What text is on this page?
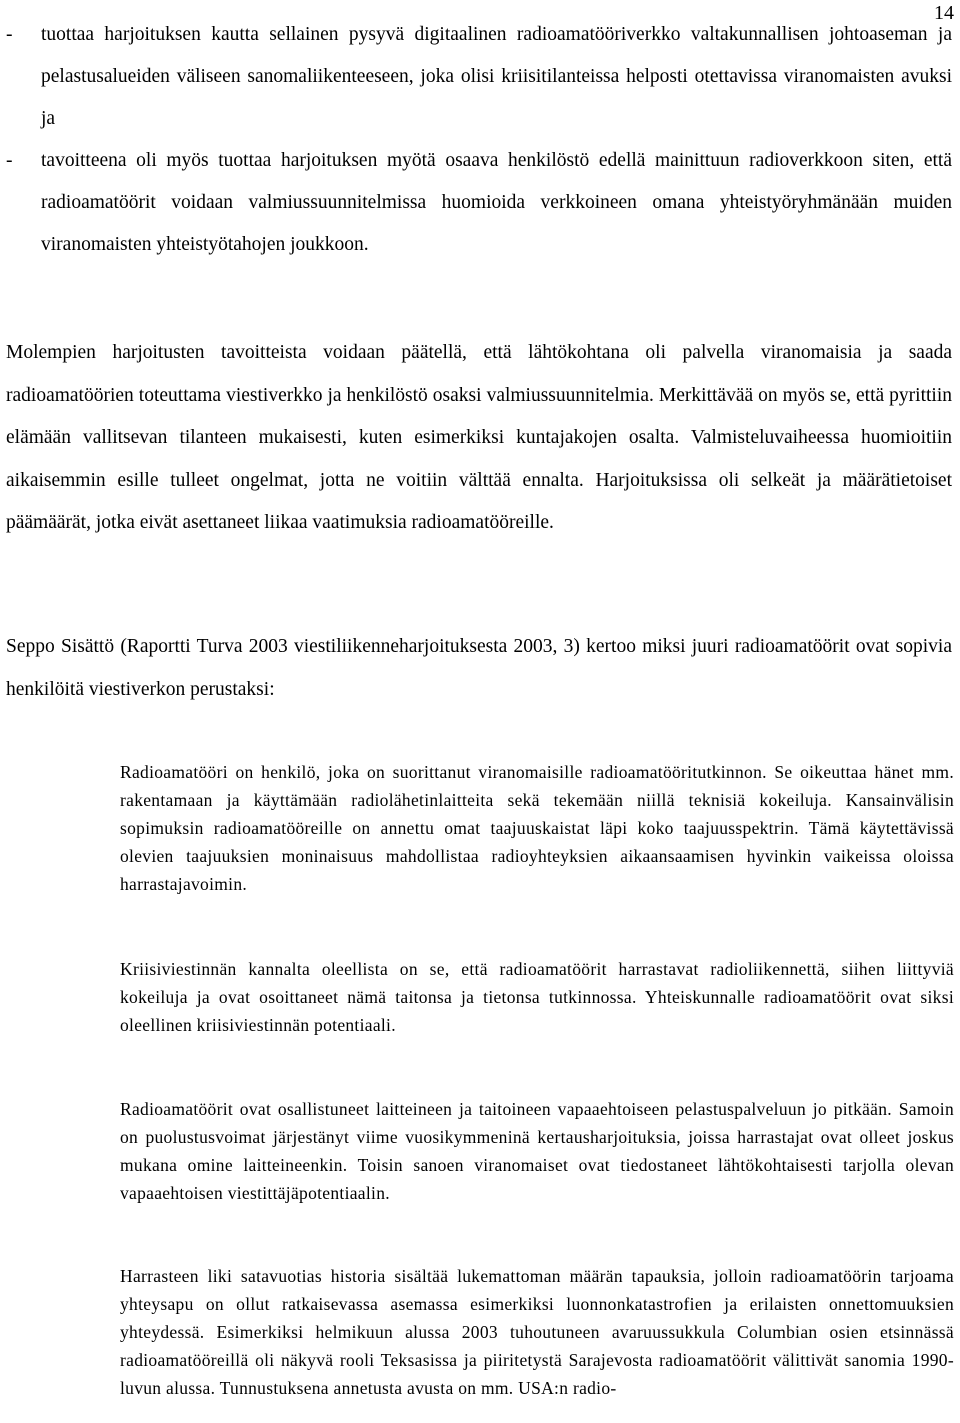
14
- tuottaa harjoituksen kautta sellainen pysyvä digitaalinen radioamatööriverkko valtakunnallisen johtoaseman ja pelastusalueiden väliseen sanomaliikenteeseen, joka olisi kriisitilanteissa helposti otettavissa viranomaisten avuksi ja
- tavoitteena oli myös tuottaa harjoituksen myötä osaava henkilöstö edellä mainittuun radioverkkoon siten, että radioamatöörit voidaan valmiussuunnitelmissa huomioida verkkoineen omana yhteistyöryhmänään muiden viranomaisten yhteistyötahojen joukkoon.

Molempien harjoitusten tavoitteista voidaan päätellä, että lähtökohtana oli palvella viranomaisia ja saada radioamatöörien toteuttama viestiverkko ja henkilöstö osaksi valmiussuunnitelmia. Merkittävää on myös se, että pyrittiin elämään vallitsevan tilanteen mukaisesti, kuten esimerkiksi kuntajakojen osalta. Valmisteluvaiheessa huomioitiin aikaisemmin esille tulleet ongelmat, jotta ne voitiin välttää ennalta. Harjoituksissa oli selkeät ja määrätietoiset päämäärät, jotka eivät asettaneet liikaa vaatimuksia radioamatööreille.

Seppo Sisättö (Raportti Turva 2003 viestiliikenneharjoituksesta 2003, 3) kertoo miksi juuri radioamatöörit ovat sopivia henkilöitä viestiverkon perustaksi:

Radioamatööri on henkilö, joka on suorittanut viranomaisille radioamatööritutkinnon. Se oikeuttaa hänet mm. rakentamaan ja käyttämään radiolähetinlaitteita sekä tekemään niillä teknisiä kokeiluja. Kansainvälisin sopimuksin radioamatööreille on annettu omat taajuuskaistat läpi koko taajuusspektrin. Tämä käytettävissä olevien taajuuksien moninaisuus mahdollistaa radioyhteyksien aikaansaamisen hyvinkin vaikeissa oloissa harrastajavoimin.

Kriisiviestinnän kannalta oleellista on se, että radioamatöörit harrastavat radioliikennettä, siihen liittyviä kokeiluja ja ovat osoittaneet nämä taitonsa ja tietonsa tutkinnossa. Yhteiskunnalle radioamatöörit ovat siksi oleellinen kriisiviestinnän potentiaali.

Radioamatöörit ovat osallistuneet laitteineen ja taitoineen vapaaehtoiseen pelastuspalveluun jo pitkään. Samoin on puolustusvoimat järjestänyt viime vuosikymmeninä kertausharjoituksia, joissa harrastajat ovat olleet joskus mukana omine laitteineenkin. Toisin sanoen viranomaiset ovat tiedostaneet lähtökohtaisesti tarjolla olevan vapaaehtoisen viestittäjäpotentiaalin.

Harrasteen liki satavuotias historia sisältää lukemattoman määrän tapauksia, jolloin radioamatöörin tarjoama yhteysapu on ollut ratkaisevassa asemassa esimerkiksi luonnonkatastrofien ja erilaisten onnettomuuksien yhteydessä. Esimerkiksi helmikuun alussa 2003 tuhoutuneen avaruussukkula Columbian osien etsinnässä radioamatööreillä oli näkyvä rooli Teksasissa ja piiritetystä Sarajevosta radioamatöörit välittivät sanomia 1990-luvun alussa. Tunnustuksena annetusta avusta on mm. USA:n radio-
